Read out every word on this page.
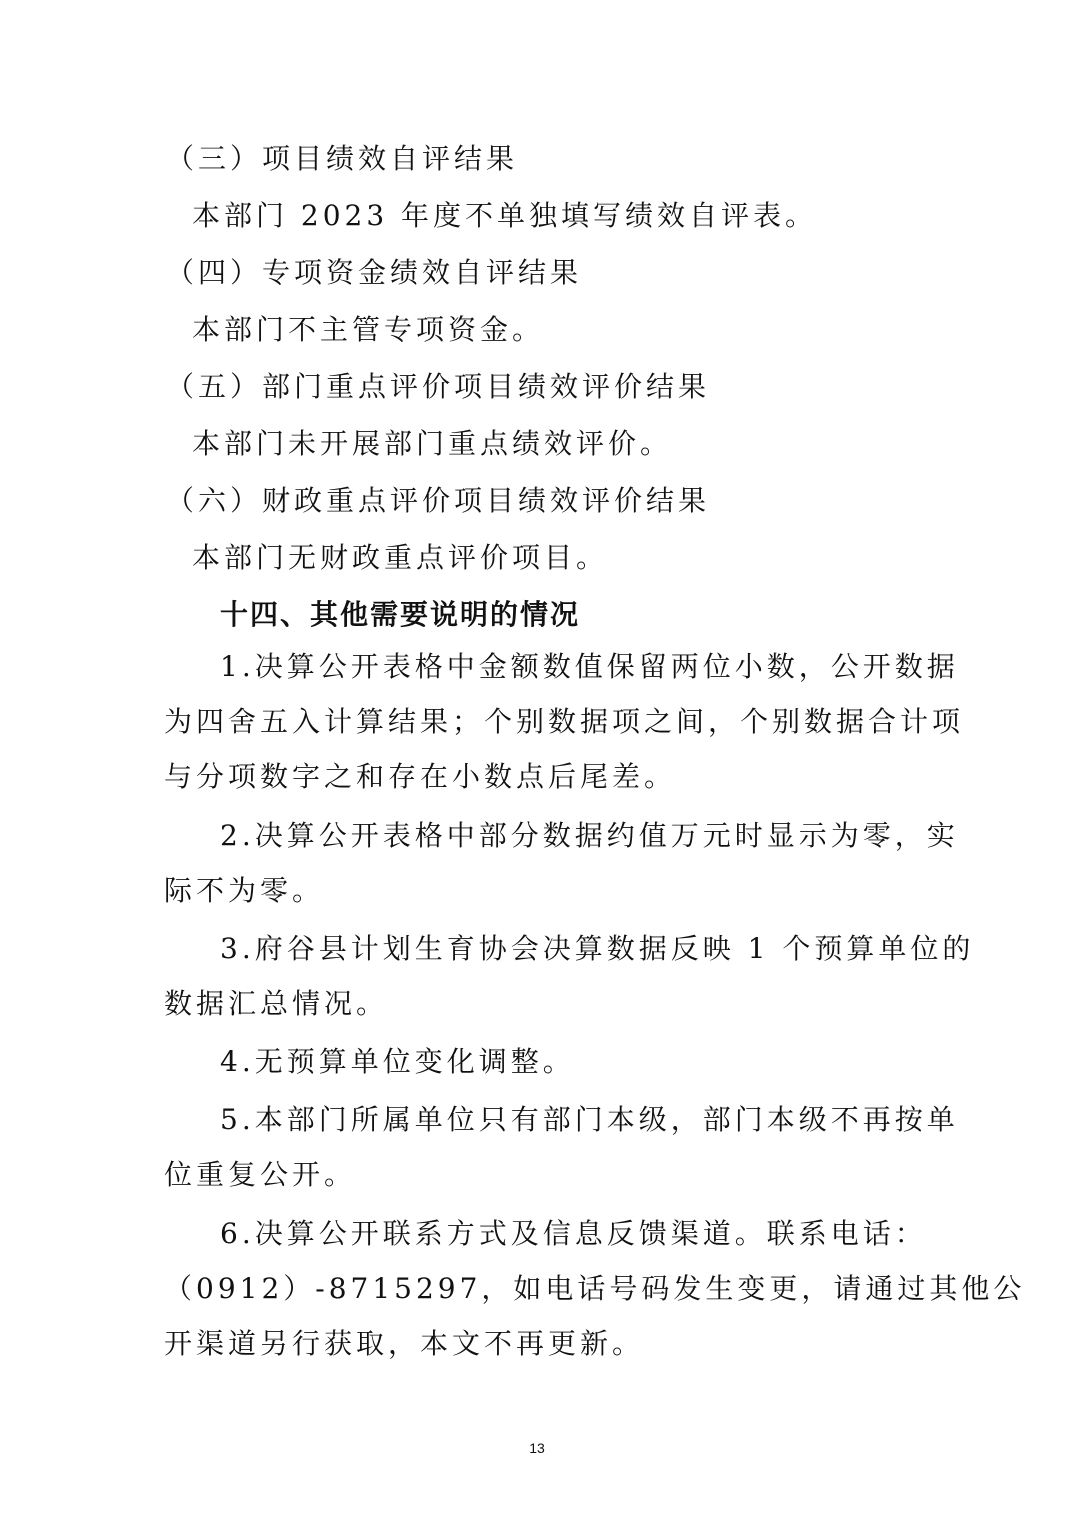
（三）项目绩效自评结果
本部门 2023 年度不单独填写绩效自评表。
（四）专项资金绩效自评结果
本部门不主管专项资金。
（五）部门重点评价项目绩效评价结果
本部门未开展部门重点绩效评价。
（六）财政重点评价项目绩效评价结果
本部门无财政重点评价项目。
十四、其他需要说明的情况
1.决算公开表格中金额数值保留两位小数，公开数据
为四舍五入计算结果；个别数据项之间，个别数据合计项
与分项数字之和存在小数点后尾差。
2.决算公开表格中部分数据约值万元时显示为零，实
际不为零。
3.府谷县计划生育协会决算数据反映 1 个预算单位的
数据汇总情况。
4.无预算单位变化调整。
5.本部门所属单位只有部门本级，部门本级不再按单
位重复公开。
6.决算公开联系方式及信息反馈渠道。联系电话：
（0912）-8715297，如电话号码发生变更，请通过其他公
开渠道另行获取，本文不再更新。
13
